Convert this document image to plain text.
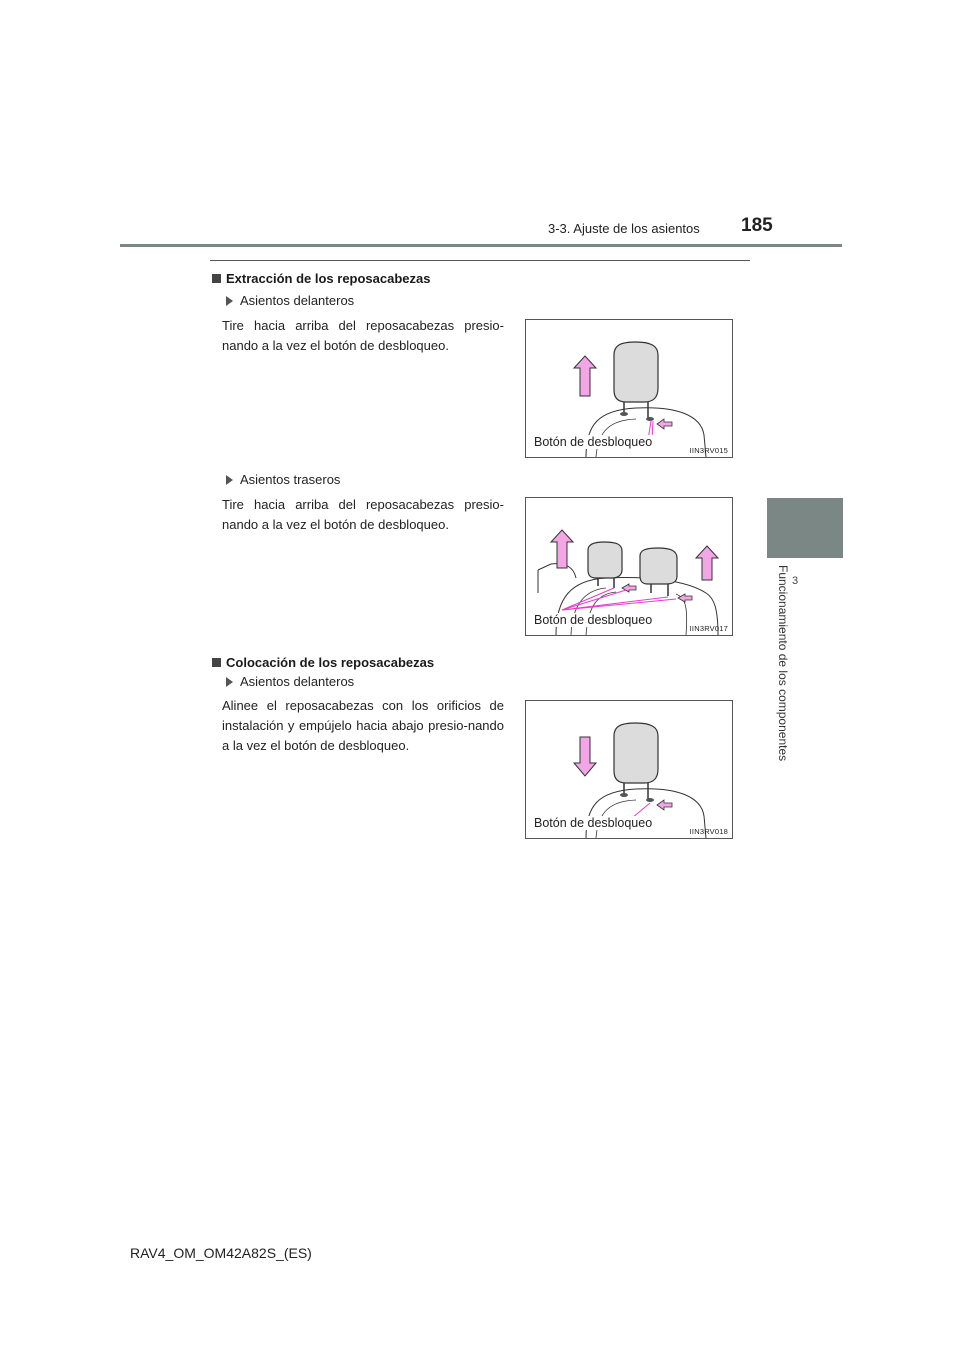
3-3. Ajuste de los asientos 185
3
Funcionamiento de los componentes
Extracción de los reposacabezas
Asientos delanteros
Tire hacia arriba del reposacabezas presio-nando a la vez el botón de desbloqueo.
Botón de desbloqueo
IIN3RV015
Asientos traseros
Tire hacia arriba del reposacabezas presio-nando a la vez el botón de desbloqueo.
Botón de desbloqueo
IIN3RV017
Colocación de los reposacabezas
Asientos delanteros
Alinee el reposacabezas con los orificios de instalación y empújelo hacia abajo presio-nando a la vez el botón de desbloqueo.
Botón de desbloqueo
IIN3RV018
RAV4_OM_OM42A82S_(ES)
